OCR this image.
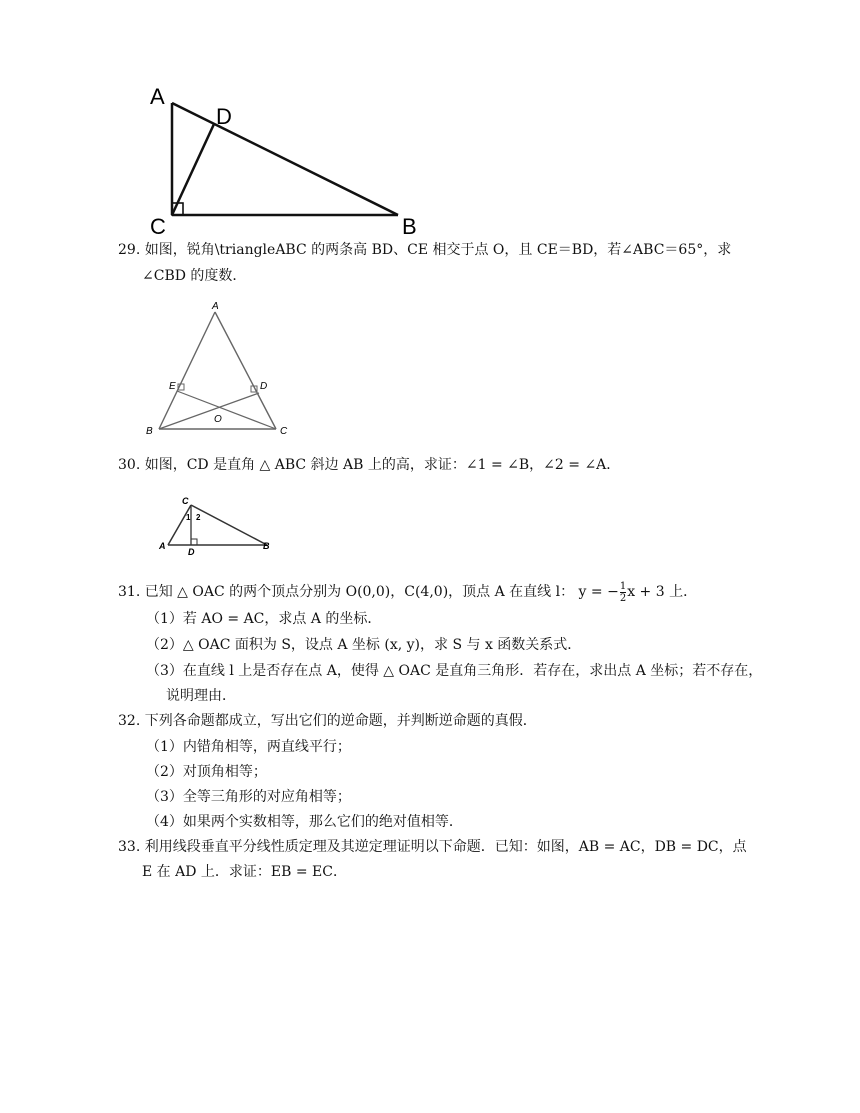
A
D
C	B
29. 如图，锐角\triangleABC 的两条高 BD、CE 相交于点 O，且 CE＝BD，若∠ABC＝65°，求
∠CBD 的度数．
A
E	D
O
B	C
30. 如图，CD 是直角 △ ABC 斜边 AB 上的高，求证：∠1 = ∠B，∠2 = ∠A．
C
1 2
A
D
B
31. 已知 △ OAC 的两个顶点分别为 O(0,0)，C(4,0)，顶点 A 在直线 l： y = − $\frac{1}{2}$ x + 3 上．
（1）若 AO = AC，求点 A 的坐标．
（2）△ OAC 面积为 S，设点 A 坐标 (x, y)，求 S 与 x 函数关系式．
（3）在直线 l 上是否存在点 A，使得 △ OAC 是直角三角形．若存在，求出点 A 坐标；若不存在，
说明理由．
32. 下列各命题都成立，写出它们的逆命题，并判断逆命题的真假．
（1）内错角相等，两直线平行；
（2）对顶角相等；
（3）全等三角形的对应角相等；
（4）如果两个实数相等，那么它们的绝对值相等．
33. 利用线段垂直平分线性质定理及其逆定理证明以下命题．已知：如图，AB = AC，DB = DC，点
E 在 AD 上．求证：EB = EC．
